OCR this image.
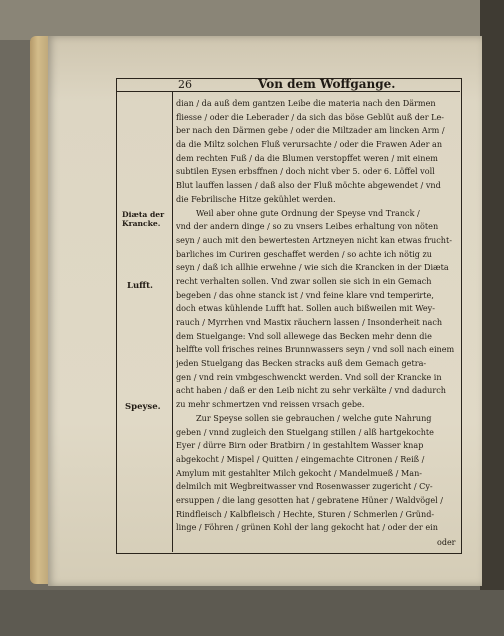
26	Von dem Woffgange.
Diæta der
Krancke.
Lufft.
Speyse.
dian / da auß dem gantzen Leibe die materia nach den Därmen
fliesse / oder die Leberader / da sich das böse Geblüt auß der Le-
ber nach den Därmen gebe / oder die Miltzader am lincken Arm /
da die Miltz solchen Fluß verursachte / oder die Frawen Ader an
dem rechten Fuß / da die Blumen verstopffet weren / mit einem
subtilen Eysen erbsffnen / doch nicht vber 5. oder 6. Löffel voll
Blut lauffen lassen / daß also der Fluß möchte abgewendet / vnd
die Febrilische Hitze gekühlet werden.
Weil aber ohne gute Ordnung der Speyse vnd Tranck /
vnd der andern dinge / so zu vnsers Leibes erhaltung von nöten
seyn / auch mit den bewertesten Artzneyen nicht kan etwas frucht-
barliches im Curiren geschaffet werden / so achte ich nötig zu
seyn / daß ich allhie erwehne / wie sich die Krancken in der Diæta
recht verhalten sollen. Vnd zwar sollen sie sich in ein Gemach
begeben / das ohne stanck ist / vnd feine klare vnd temperirte,
doch etwas kühlende Lufft hat. Sollen auch bißweilen mit Wey-
rauch / Myrrhen vnd Mastix räuchern lassen / Insonderheit nach
dem Stuelgange: Vnd soll allewege das Becken mehr denn die
helffte voll frisches reines Brunnwassers seyn / vnd soll nach einem
jeden Stuelgang das Becken stracks auß dem Gemach getra-
gen / vnd rein vmbgeschwenckt werden. Vnd soll der Krancke in
acht haben / daß er den Leib nicht zu sehr verkälte / vnd dadurch
zu mehr schmertzen vnd reissen vrsach gebe.
Zur Speyse sollen sie gebrauchen / welche gute Nahrung
geben / vnnd zugleich den Stuelgang stillen / alß hartgekochte
Eyer / dürre Birn oder Bratbirn / in gestahltem Wasser knap
abgekocht / Mispel / Quitten / eingemachte Citronen / Reiß /
Amylum mit gestahlter Milch gekocht / Mandelmueß / Man-
delmilch mit Wegbreitwasser vnd Rosenwasser zugericht / Cy-
ersuppen / die lang gesotten hat / gebratene Hüner / Waldvögel /
Rindfleisch / Kalbfleisch / Hechte, Sturen / Schmerlen / Gründ-
linge / Föhren / grünen Kohl der lang gekocht hat / oder der ein
oder
